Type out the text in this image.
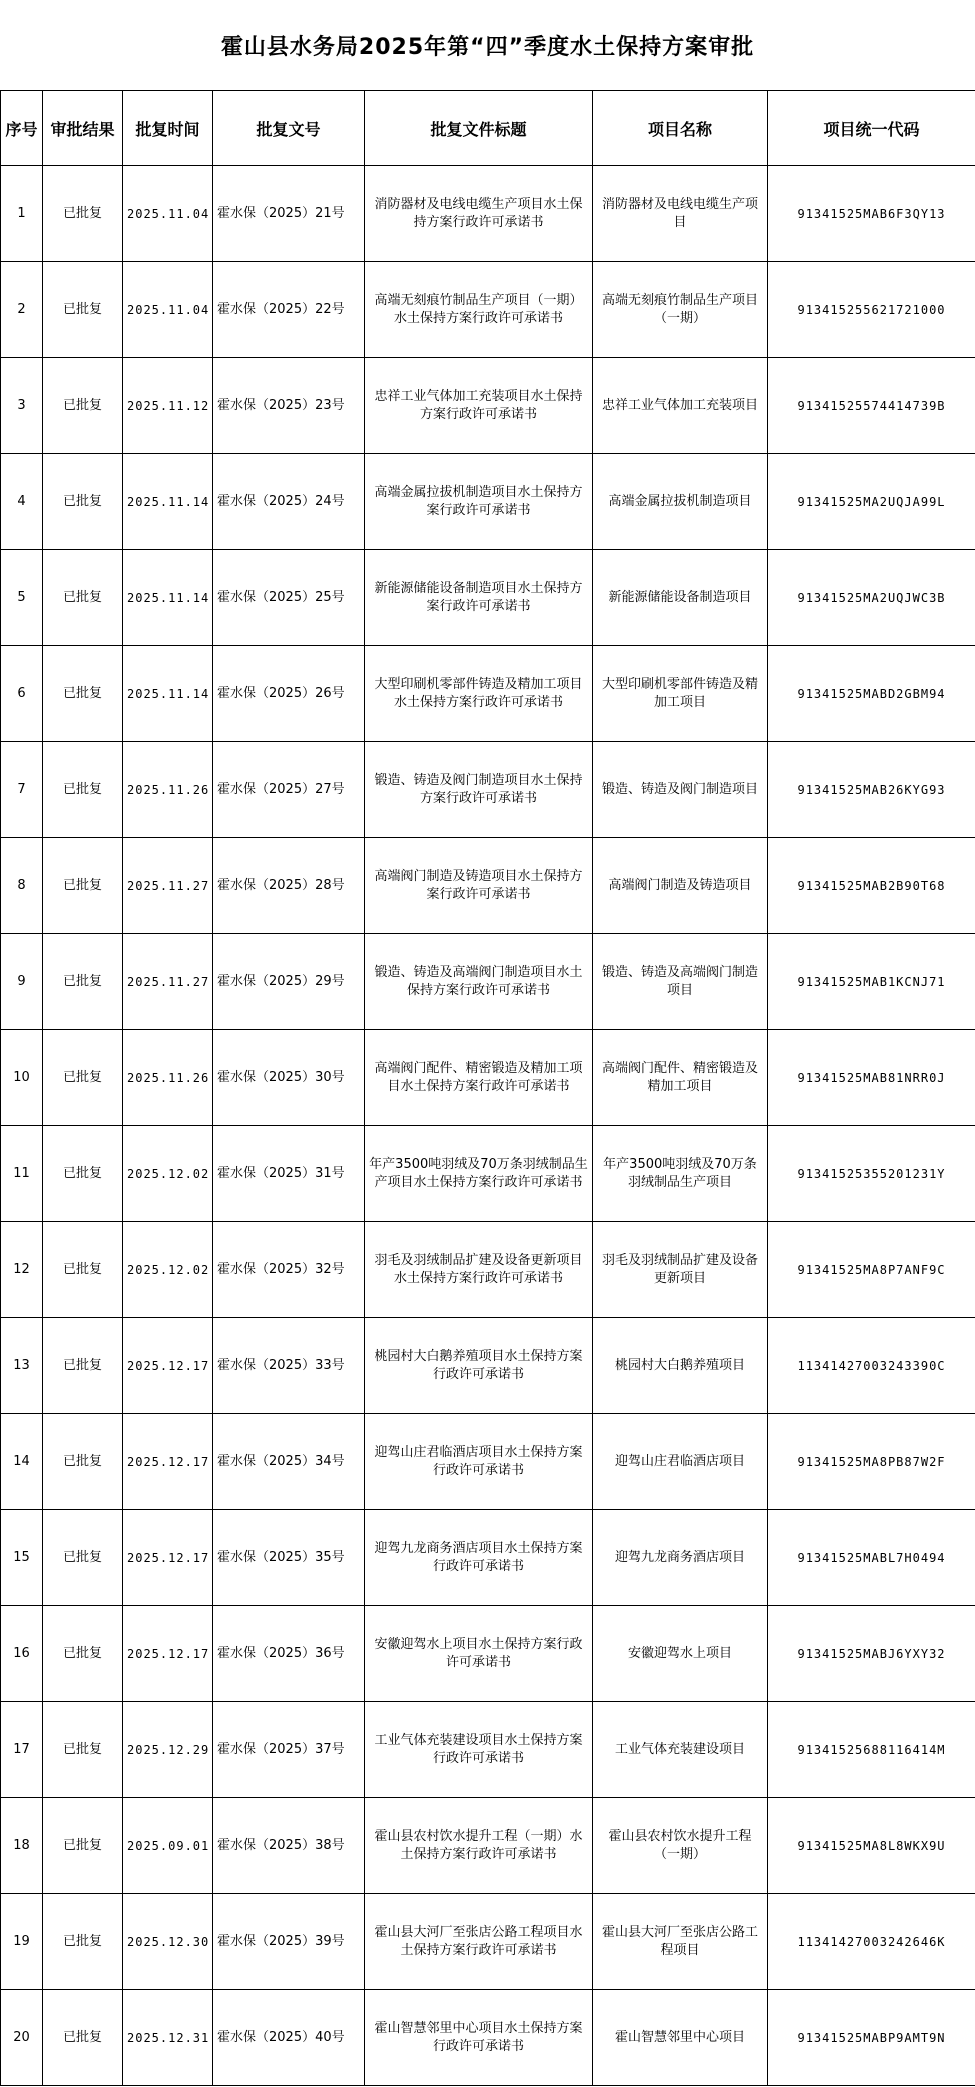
霍山县水务局2025年第“四”季度水土保持方案审批
序号	审批结果	批复时间	批复文号	批复文件标题	项目名称	项目统一代码
1	已批复	2025.11.04	霍水保（2025）21号	消防器材及电线电缆生产项目水土保持方案行政许可承诺书	消防器材及电线电缆生产项目	91341525MAB6F3QY13
2	已批复	2025.11.04	霍水保（2025）22号	高端无刻痕竹制品生产项目（一期）水土保持方案行政许可承诺书	高端无刻痕竹制品生产项目（一期）	913415255621721000
3	已批复	2025.11.12	霍水保（2025）23号	忠祥工业气体加工充装项目水土保持方案行政许可承诺书	忠祥工业气体加工充装项目	91341525574414739B
4	已批复	2025.11.14	霍水保（2025）24号	高端金属拉拔机制造项目水土保持方案行政许可承诺书	高端金属拉拔机制造项目	91341525MA2UQJA99L
5	已批复	2025.11.14	霍水保（2025）25号	新能源储能设备制造项目水土保持方案行政许可承诺书	新能源储能设备制造项目	91341525MA2UQJWC3B
6	已批复	2025.11.14	霍水保（2025）26号	大型印刷机零部件铸造及精加工项目水土保持方案行政许可承诺书	大型印刷机零部件铸造及精加工项目	91341525MABD2GBM94
7	已批复	2025.11.26	霍水保（2025）27号	锻造、铸造及阀门制造项目水土保持方案行政许可承诺书	锻造、铸造及阀门制造项目	91341525MAB26KYG93
8	已批复	2025.11.27	霍水保（2025）28号	高端阀门制造及铸造项目水土保持方案行政许可承诺书	高端阀门制造及铸造项目	91341525MAB2B90T68
9	已批复	2025.11.27	霍水保（2025）29号	锻造、铸造及高端阀门制造项目水土保持方案行政许可承诺书	锻造、铸造及高端阀门制造项目	91341525MAB1KCNJ71
10	已批复	2025.11.26	霍水保（2025）30号	高端阀门配件、精密锻造及精加工项目水土保持方案行政许可承诺书	高端阀门配件、精密锻造及精加工项目	91341525MAB81NRR0J
11	已批复	2025.12.02	霍水保（2025）31号	年产3500吨羽绒及70万条羽绒制品生产项目水土保持方案行政许可承诺书	年产3500吨羽绒及70万条羽绒制品生产项目	91341525355201231Y
12	已批复	2025.12.02	霍水保（2025）32号	羽毛及羽绒制品扩建及设备更新项目水土保持方案行政许可承诺书	羽毛及羽绒制品扩建及设备更新项目	91341525MA8P7ANF9C
13	已批复	2025.12.17	霍水保（2025）33号	桃园村大白鹅养殖项目水土保持方案行政许可承诺书	桃园村大白鹅养殖项目	11341427003243390C
14	已批复	2025.12.17	霍水保（2025）34号	迎驾山庄君临酒店项目水土保持方案行政许可承诺书	迎驾山庄君临酒店项目	91341525MA8PB87W2F
15	已批复	2025.12.17	霍水保（2025）35号	迎驾九龙商务酒店项目水土保持方案行政许可承诺书	迎驾九龙商务酒店项目	91341525MABL7H0494
16	已批复	2025.12.17	霍水保（2025）36号	安徽迎驾水上项目水土保持方案行政许可承诺书	安徽迎驾水上项目	91341525MABJ6YXY32
17	已批复	2025.12.29	霍水保（2025）37号	工业气体充装建设项目水土保持方案行政许可承诺书	工业气体充装建设项目	91341525688116414M
18	已批复	2025.09.01	霍水保（2025）38号	霍山县农村饮水提升工程（一期）水土保持方案行政许可承诺书	霍山县农村饮水提升工程（一期）	91341525MA8L8WKX9U
19	已批复	2025.12.30	霍水保（2025）39号	霍山县大河厂至张店公路工程项目水土保持方案行政许可承诺书	霍山县大河厂至张店公路工程项目	11341427003242646K
20	已批复	2025.12.31	霍水保（2025）40号	霍山智慧邻里中心项目水土保持方案行政许可承诺书	霍山智慧邻里中心项目	91341525MABP9AMT9N
